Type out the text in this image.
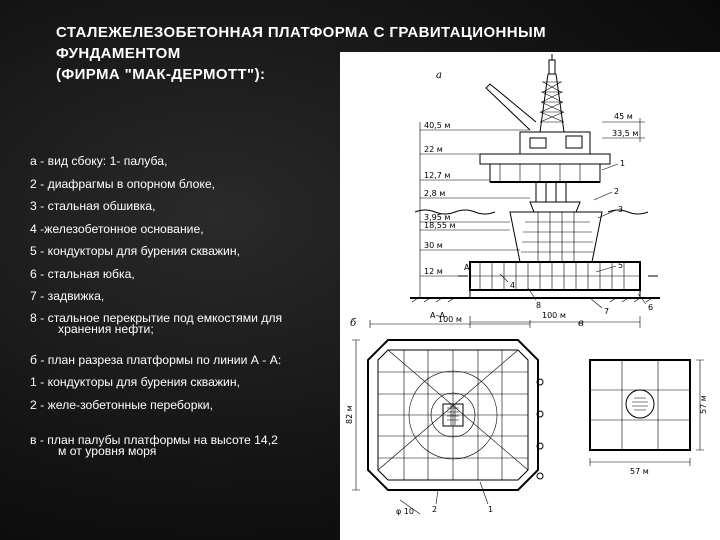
СТАЛЕЖЕЛЕЗОБЕТОННАЯ ПЛАТФОРМА С ГРАВИТАЦИОННЫМ
ФУНДАМЕНТОМ
(ФИРМА "МАК-ДЕРМОТТ"):
а - вид сбоку: 1- палуба,
2 - диафрагмы в опорном блоке,
3 - стальная обшивка,
4 -железобетонное основание,
5 - кондукторы для бурения скважин,
6 - стальная юбка,
7 - задвижка,
8 - стальное перекрытие под емкостями для
хранения нефти;
б - план разреза платформы по линии А - А:
1 - кондукторы для бурения скважин,
2 - желе-зобетонные переборки,
в - план палубы платформы на высоте 14,2
м от уровня моря
а
А
40,5 м
22 м
12,7 м
2,8 м
3,95 м
18,55 м
30 м
12 м
45 м
33,5 м
1
2
3
4
5
6
7
8
100 м
б
А–А
100 м
82 м
φ 10 2	1
в
57 м
57 м
